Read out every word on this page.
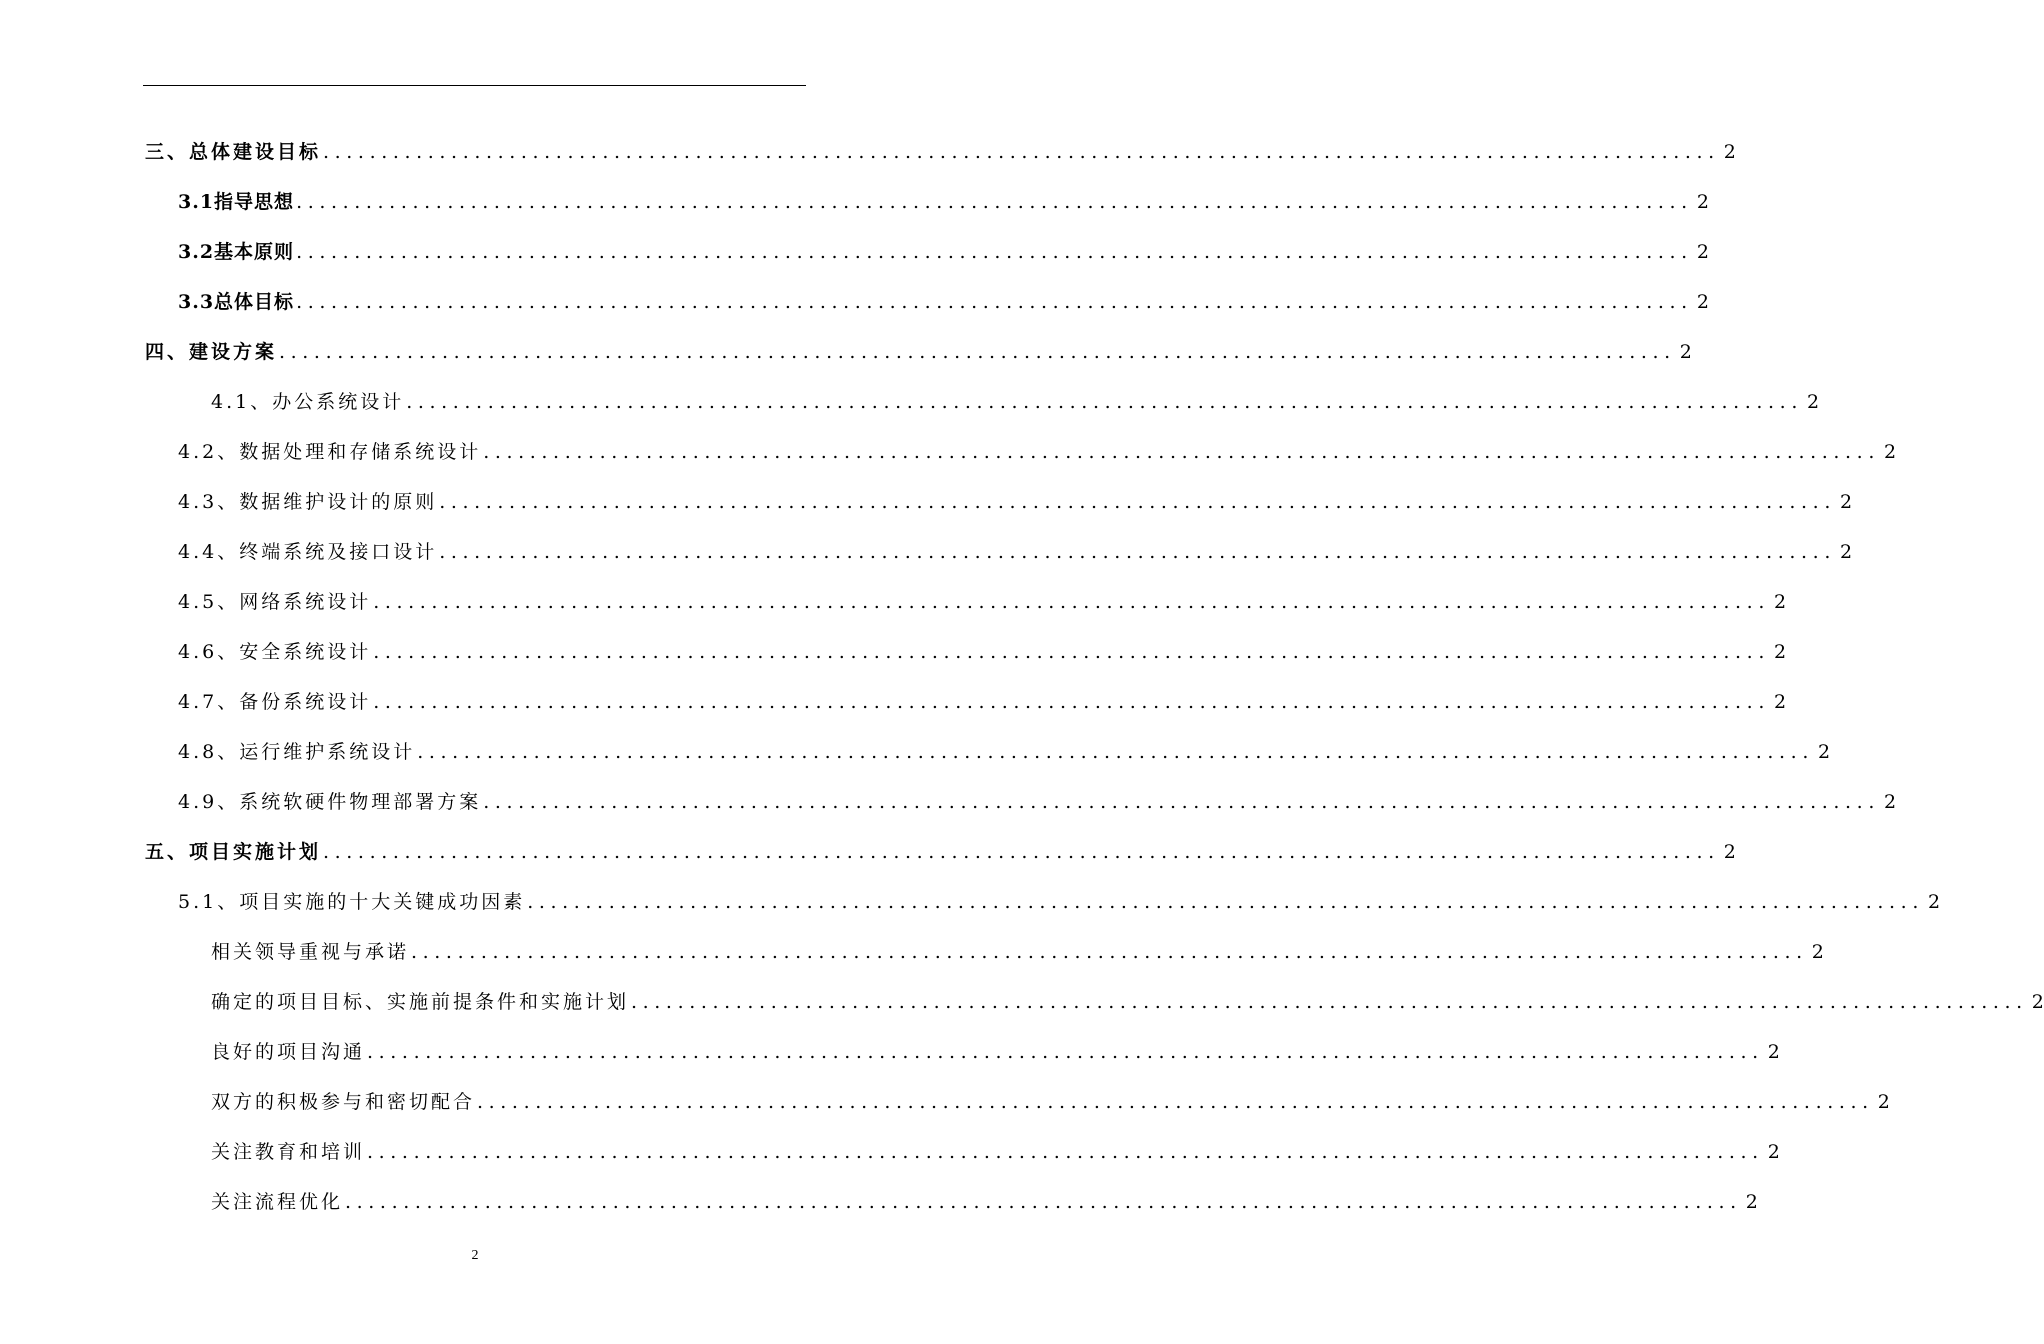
三、总体建设目标 ........................................................................................................................ 2
3.1指导思想 ........................................................................................................................ 2
3.2基本原则 ........................................................................................................................ 2
3.3总体目标 ........................................................................................................................ 2
四、建设方案 ........................................................................................................................ 2
4.1、办公系统设计 ........................................................................................................................ 2
4.2、数据处理和存储系统设计 ........................................................................................................................ 2
4.3、数据维护设计的原则 ........................................................................................................................ 2
4.4、终端系统及接口设计 ........................................................................................................................ 2
4.5、网络系统设计 ........................................................................................................................ 2
4.6、安全系统设计 ........................................................................................................................ 2
4.7、备份系统设计 ........................................................................................................................ 2
4.8、运行维护系统设计 ........................................................................................................................ 2
4.9、系统软硬件物理部署方案 ........................................................................................................................ 2
五、项目实施计划 ........................................................................................................................ 2
5.1、项目实施的十大关键成功因素 ........................................................................................................................ 2
相关领导重视与承诺 ........................................................................................................................ 2
确定的项目目标、实施前提条件和实施计划 ........................................................................................................................ 2
良好的项目沟通 ........................................................................................................................ 2
双方的积极参与和密切配合 ........................................................................................................................ 2
关注教育和培训 ........................................................................................................................ 2
关注流程优化 ........................................................................................................................ 2
2
